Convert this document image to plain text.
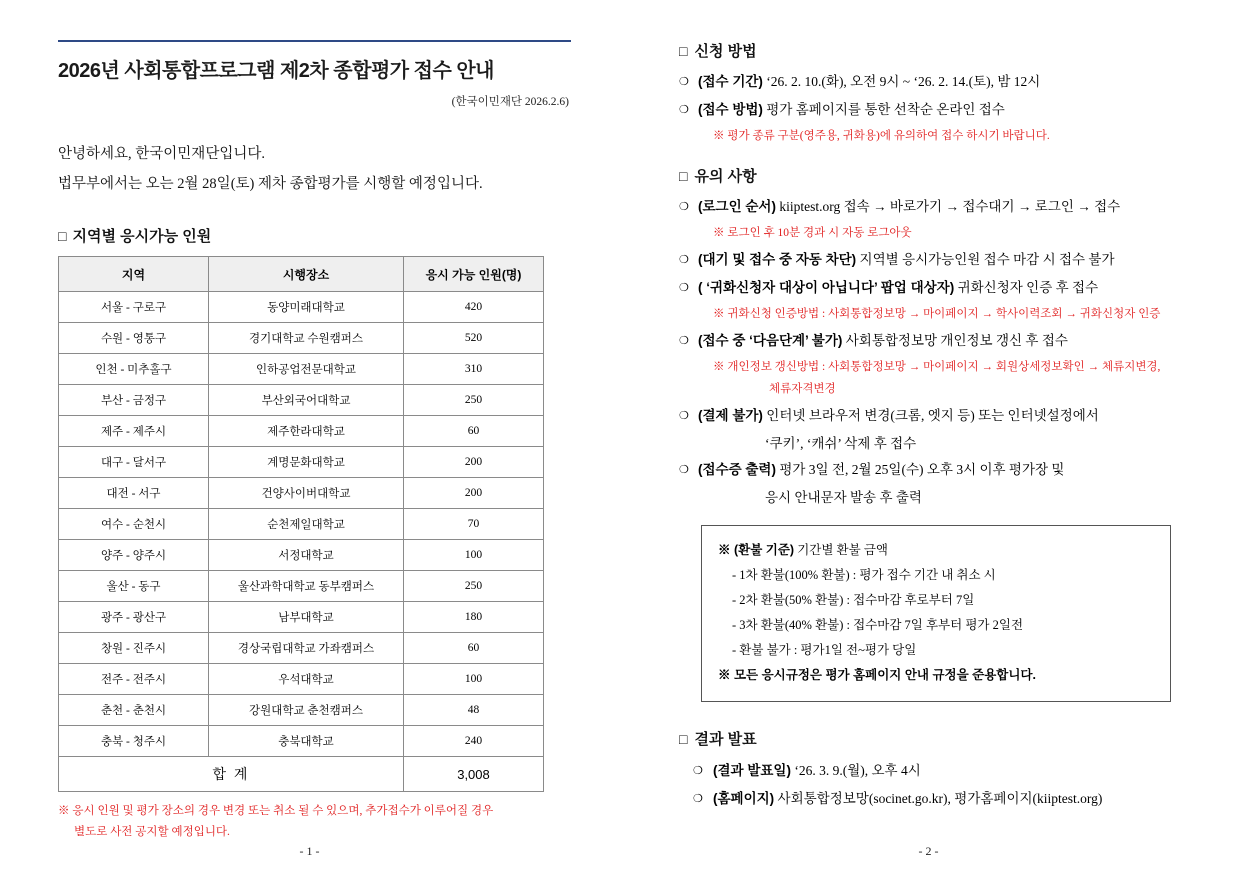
2026년 사회통합프로그램 제2차 종합평가 접수 안내
(한국이민재단 2026.2.6)
안녕하세요, 한국이민재단입니다.
법무부에서는 오는 2월 28일(토) 제차 종합평가를 시행할 예정입니다.
□ 지역별 응시가능 인원
지역	시행장소	응시 가능 인원(명)
서울 - 구로구	동양미래대학교	420
수원 - 영통구	경기대학교 수원캠퍼스	520
인천 - 미추홀구	인하공업전문대학교	310
부산 - 금정구	부산외국어대학교	250
제주 - 제주시	제주한라대학교	60
대구 - 달서구	계명문화대학교	200
대전 - 서구	건양사이버대학교	200
여수 - 순천시	순천제일대학교	70
양주 - 양주시	서정대학교	100
울산 - 동구	울산과학대학교 동부캠퍼스	250
광주 - 광산구	남부대학교	180
창원 - 진주시	경상국립대학교 가좌캠퍼스	60
전주 - 전주시	우석대학교	100
춘천 - 춘천시	강원대학교 춘천캠퍼스	48
충북 - 청주시	충북대학교	240
합 계		3,008
※ 응시 인원 및 평가 장소의 경우 변경 또는 취소 될 수 있으며, 추가접수가 이루어질 경우
별도로 사전 공지할 예정입니다.
- 1 -
□ 신청 방법
❍ (접수 기간) ‘26. 2. 10.(화), 오전 9시 ~ ‘26. 2. 14.(토), 밤 12시
❍ (접수 방법) 평가 홈페이지를 통한 선착순 온라인 접수
※ 평가 종류 구분(영주용, 귀화용)에 유의하여 접수 하시기 바랍니다.
□ 유의 사항
❍ (로그인 순서) kiiptest.org 접속 → 바로가기 → 접수대기 → 로그인 → 접수
※ 로그인 후 10분 경과 시 자동 로그아웃
❍ (대기 및 접수 중 자동 차단) 지역별 응시가능인원 접수 마감 시 접수 불가
❍ ( ‘귀화신청자 대상이 아닙니다’ 팝업 대상자) 귀화신청자 인증 후 접수
※ 귀화신청 인증방법 : 사회통합정보망 → 마이페이지 → 학사이력조회 → 귀화신청자 인증
❍ (접수 중 ‘다음단계’ 불가) 사회통합정보망 개인정보 갱신 후 접수
※ 개인정보 갱신방법 : 사회통합정보망 → 마이페이지 → 회원상세정보확인 → 체류지변경,
체류자격변경
❍ (결제 불가) 인터넷 브라우저 변경(크롬, 엣지 등) 또는 인터넷설정에서
‘쿠키’, ‘캐쉬’ 삭제 후 접수
❍ (접수증 출력) 평가 3일 전, 2월 25일(수) 오후 3시 이후 평가장 및
응시 안내문자 발송 후 출력
※ (환불 기준) 기간별 환불 금액
- 1차 환불(100% 환불) : 평가 접수 기간 내 취소 시
- 2차 환불(50% 환불) : 접수마감 후로부터 7일
- 3차 환불(40% 환불) : 접수마감 7일 후부터 평가 2일전
- 환불 불가 : 평가1일 전~평가 당일
※ 모든 응시규정은 평가 홈페이지 안내 규정을 준용합니다.
□ 결과 발표
❍ (결과 발표일) ‘26. 3. 9.(월), 오후 4시
❍ (홈페이지) 사회통합정보망(socinet.go.kr), 평가홈페이지(kiiptest.org)
- 2 -
